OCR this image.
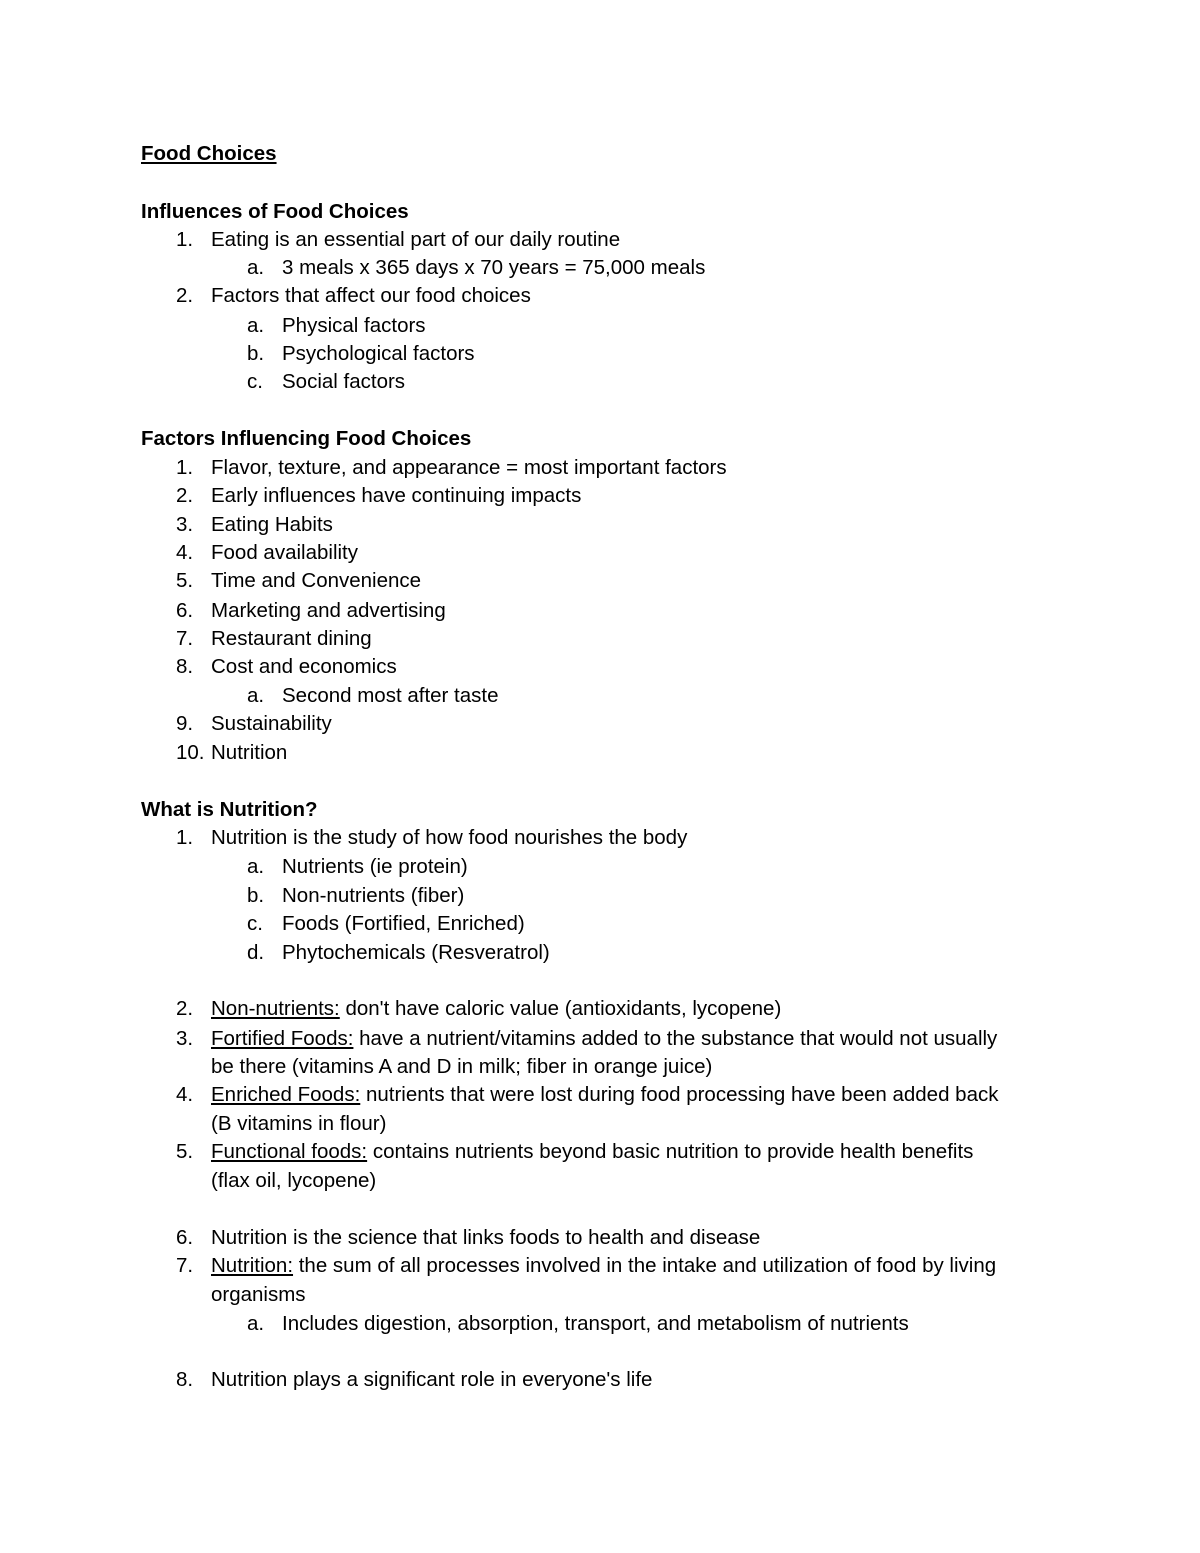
Food Choices
Influences of Food Choices
1. Eating is an essential part of our daily routine
a. 3 meals x 365 days x 70 years = 75,000 meals
2. Factors that affect our food choices
a. Physical factors
b. Psychological factors
c. Social factors
Factors Influencing Food Choices
1. Flavor, texture, and appearance = most important factors
2. Early influences have continuing impacts
3. Eating Habits
4. Food availability
5. Time and Convenience
6. Marketing and advertising
7. Restaurant dining
8. Cost and economics
a. Second most after taste
9. Sustainability
10. Nutrition
What is Nutrition?
1. Nutrition is the study of how food nourishes the body
a. Nutrients (ie protein)
b. Non-nutrients (fiber)
c. Foods (Fortified, Enriched)
d. Phytochemicals (Resveratrol)
2. Non-nutrients: don't have caloric value (antioxidants, lycopene)
3. Fortified Foods: have a nutrient/vitamins added to the substance that would not usually
be there (vitamins A and D in milk; fiber in orange juice)
4. Enriched Foods: nutrients that were lost during food processing have been added back
(B vitamins in flour)
5. Functional foods: contains nutrients beyond basic nutrition to provide health benefits
(flax oil, lycopene)
6. Nutrition is the science that links foods to health and disease
7. Nutrition: the sum of all processes involved in the intake and utilization of food by living
organisms
a. Includes digestion, absorption, transport, and metabolism of nutrients
8. Nutrition plays a significant role in everyone's life
